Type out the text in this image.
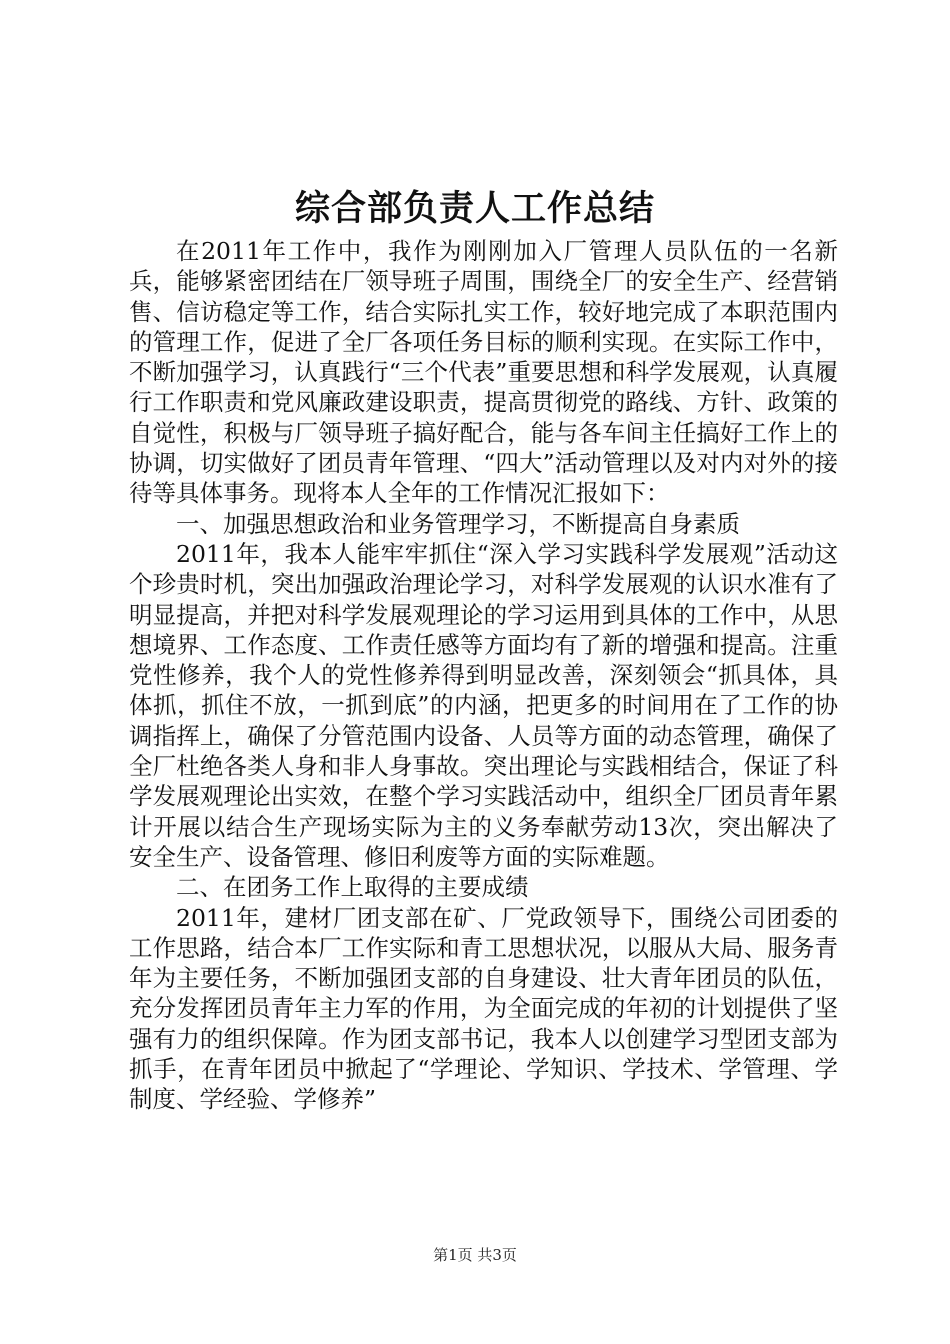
综合部负责人工作总结

在2011年工作中，我作为刚刚加入厂管理人员队伍的一名新兵，能够紧密团结在厂领导班子周围，围绕全厂的安全生产、经营销售、信访稳定等工作，结合实际扎实工作，较好地完成了本职范围内的管理工作，促进了全厂各项任务目标的顺利实现。在实际工作中，不断加强学习，认真践行“三个代表”重要思想和科学发展观，认真履行工作职责和党风廉政建设职责，提高贯彻党的路线、方针、政策的自觉性，积极与厂领导班子搞好配合，能与各车间主任搞好工作上的协调，切实做好了团员青年管理、“四大”活动管理以及对内对外的接待等具体事务。现将本人全年的工作情况汇报如下：

一、加强思想政治和业务管理学习，不断提高自身素质

2011年，我本人能牢牢抓住“深入学习实践科学发展观”活动这个珍贵时机，突出加强政治理论学习，对科学发展观的认识水准有了明显提高，并把对科学发展观理论的学习运用到具体的工作中，从思想境界、工作态度、工作责任感等方面均有了新的增强和提高。注重党性修养，我个人的党性修养得到明显改善，深刻领会“抓具体，具体抓，抓住不放，一抓到底”的内涵，把更多的时间用在了工作的协调指挥上，确保了分管范围内设备、人员等方面的动态管理，确保了全厂杜绝各类人身和非人身事故。突出理论与实践相结合，保证了科学发展观理论出实效，在整个学习实践活动中，组织全厂团员青年累计开展以结合生产现场实际为主的义务奉献劳动13次，突出解决了安全生产、设备管理、修旧利废等方面的实际难题。

二、在团务工作上取得的主要成绩

2011年，建材厂团支部在矿、厂党政领导下，围绕公司团委的工作思路，结合本厂工作实际和青工思想状况，以服从大局、服务青年为主要任务，不断加强团支部的自身建设、壮大青年团员的队伍，充分发挥团员青年主力军的作用，为全面完成的年初的计划提供了坚强有力的组织保障。作为团支部书记，我本人以创建学习型团支部为抓手，在青年团员中掀起了“学理论、学知识、学技术、学管理、学制度、学经验、学修养”

第1页 共3页
